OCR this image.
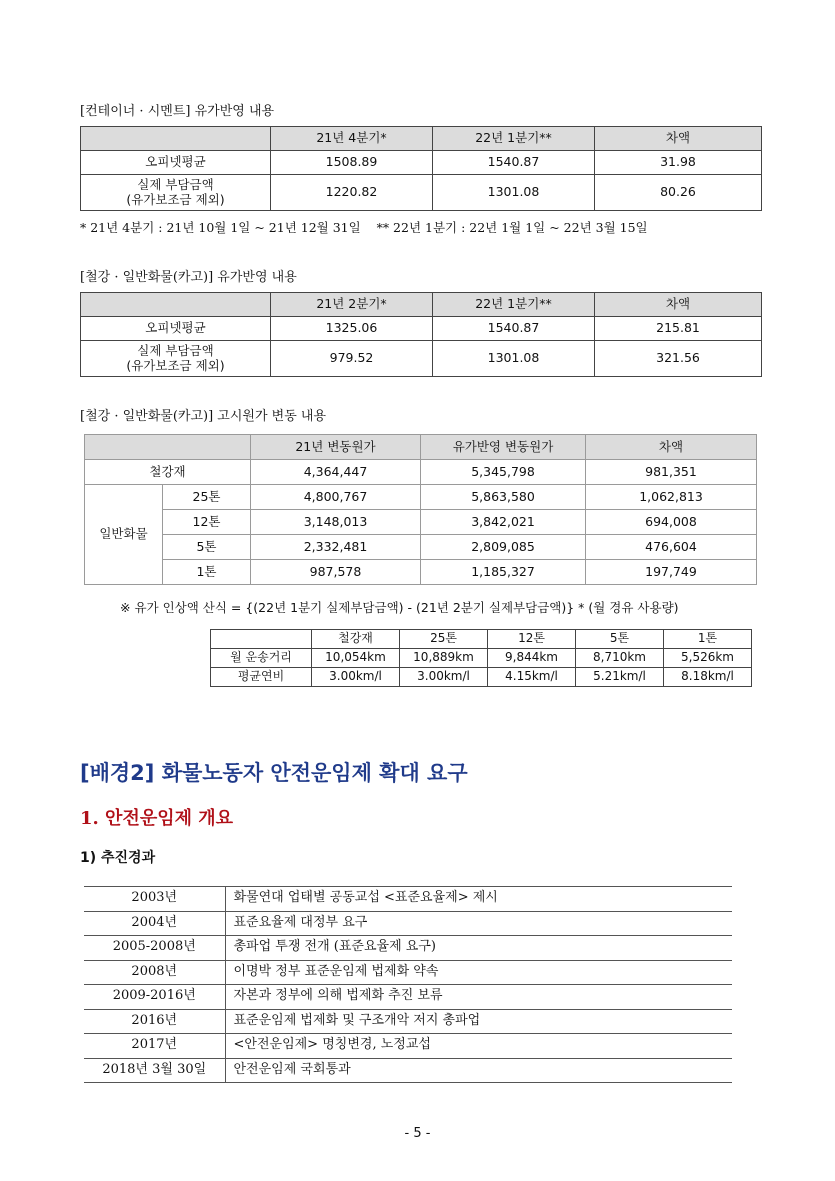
[컨테이너 · 시멘트] 유가반영 내용
	21년 4분기*	22년 1분기**	차액
오피넷평균	1508.89	1540.87	31.98
실제 부담금액
(유가보조금 제외)	1220.82	1301.08	80.26
* 21년 4분기 : 21년 10월 1일 ~ 21년 12월 31일    ** 22년 1분기 : 22년 1월 1일 ~ 22년 3월 15일
[철강 · 일반화물(카고)] 유가반영 내용
	21년 2분기*	22년 1분기**	차액
오피넷평균	1325.06	1540.87	215.81
실제 부담금액
(유가보조금 제외)	979.52	1301.08	321.56
[철강 · 일반화물(카고)] 고시원가 변동 내용
		21년 변동원가	유가반영 변동원가	차액
철강재		4,364,447	5,345,798	981,351
일반화물	25톤	4,800,767	5,863,580	1,062,813
	12톤	3,148,013	3,842,021	694,008
	5톤	2,332,481	2,809,085	476,604
	1톤	987,578	1,185,327	197,749
※ 유가 인상액 산식 = {(22년 1분기 실제부담금액) - (21년 2분기 실제부담금액)} * (월 경유 사용량)
	철강재	25톤	12톤	5톤	1톤
월 운송거리	10,054km	10,889km	9,844km	8,710km	5,526km
평균연비	3.00km/l	3.00km/l	4.15km/l	5.21km/l	8.18km/l
[배경2] 화물노동자 안전운임제 확대 요구
1. 안전운임제 개요
1) 추진경과
2003년	화물연대 업태별 공동교섭 <표준요율제> 제시
2004년	표준요율제 대정부 요구
2005-2008년	총파업 투쟁 전개 (표준요율제 요구)
2008년	이명박 정부 표준운임제 법제화 약속
2009-2016년	자본과 정부에 의해 법제화 추진 보류
2016년	표준운임제 법제화 및 구조개악 저지 총파업
2017년	<안전운임제> 명칭변경, 노정교섭
2018년 3월 30일	안전운임제 국회통과
- 5 -
